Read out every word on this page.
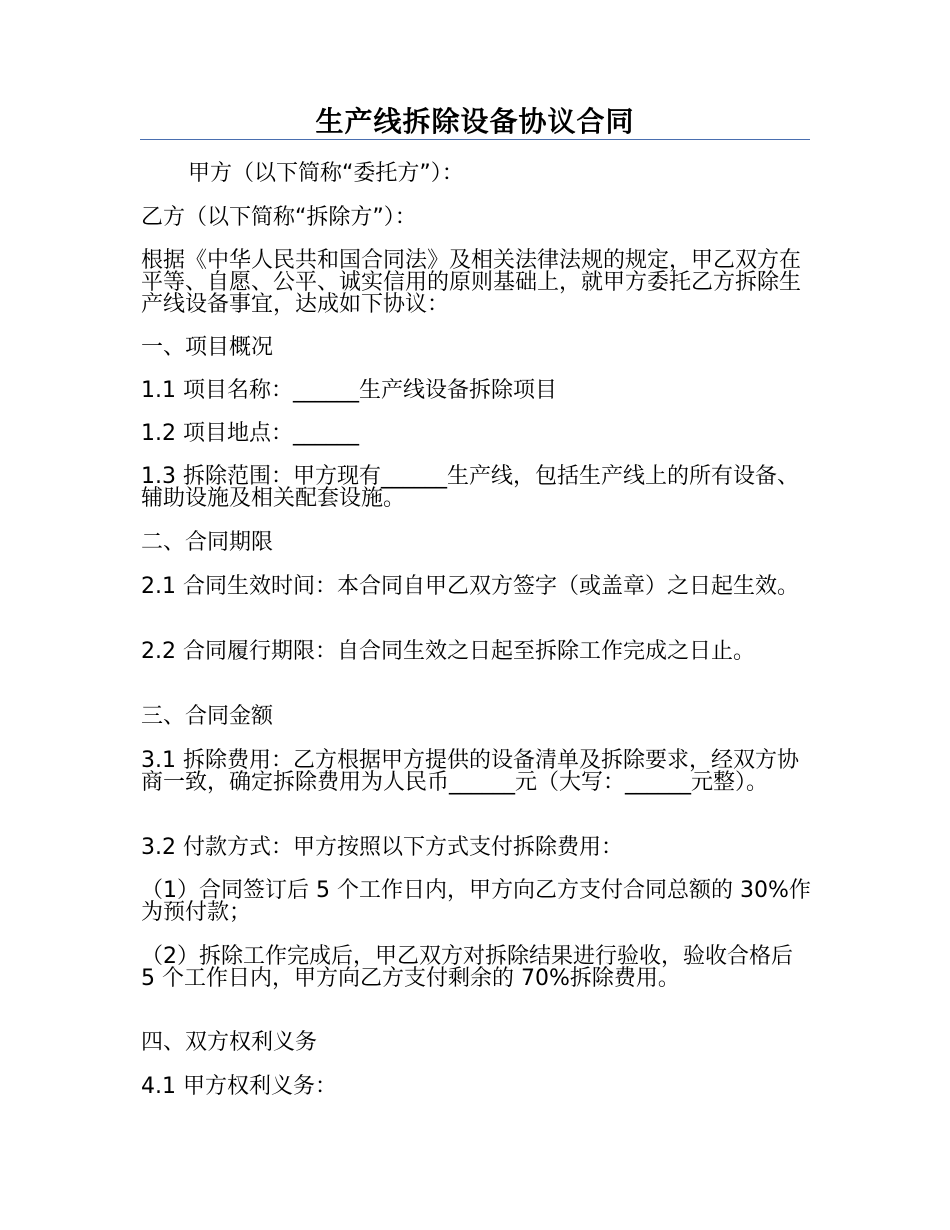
生产线拆除设备协议合同
甲方（以下简称“委托方”）：
乙方（以下简称“拆除方”）：
根据《中华人民共和国合同法》及相关法律法规的规定，甲乙双方在平等、自愿、公平、诚实信用的原则基础上，就甲方委托乙方拆除生产线设备事宜，达成如下协议：
一、项目概况
1.1 项目名称：______生产线设备拆除项目
1.2 项目地点：______
1.3 拆除范围：甲方现有______生产线，包括生产线上的所有设备、辅助设施及相关配套设施。
二、合同期限
2.1 合同生效时间：本合同自甲乙双方签字（或盖章）之日起生效。
2.2 合同履行期限：自合同生效之日起至拆除工作完成之日止。
三、合同金额
3.1 拆除费用：乙方根据甲方提供的设备清单及拆除要求，经双方协商一致，确定拆除费用为人民币______元（大写：______元整）。
3.2 付款方式：甲方按照以下方式支付拆除费用：
（1）合同签订后 5 个工作日内，甲方向乙方支付合同总额的 30%作为预付款；
（2）拆除工作完成后，甲乙双方对拆除结果进行验收，验收合格后 5 个工作日内，甲方向乙方支付剩余的 70%拆除费用。
四、双方权利义务
4.1 甲方权利义务：
